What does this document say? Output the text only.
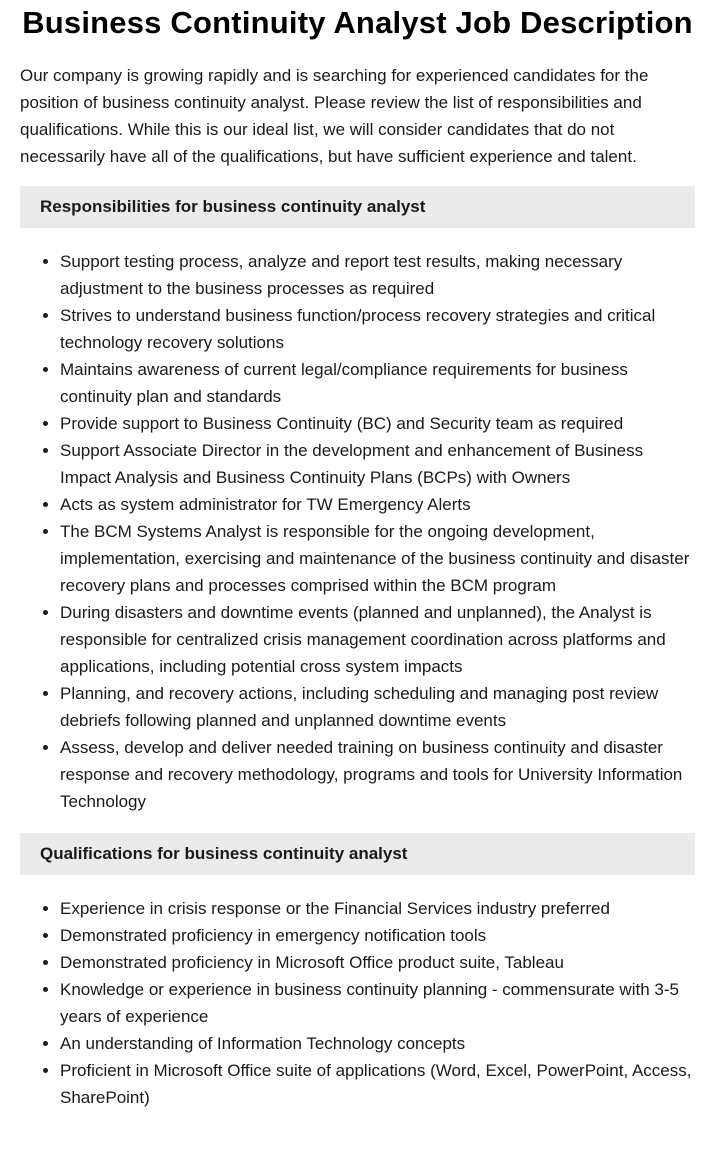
Business Continuity Analyst Job Description

Our company is growing rapidly and is searching for experienced candidates for the position of business continuity analyst. Please review the list of responsibilities and qualifications. While this is our ideal list, we will consider candidates that do not necessarily have all of the qualifications, but have sufficient experience and talent.

Responsibilities for business continuity analyst
• Support testing process, analyze and report test results, making necessary adjustment to the business processes as required
• Strives to understand business function/process recovery strategies and critical technology recovery solutions
• Maintains awareness of current legal/compliance requirements for business continuity plan and standards
• Provide support to Business Continuity (BC) and Security team as required
• Support Associate Director in the development and enhancement of Business Impact Analysis and Business Continuity Plans (BCPs) with Owners
• Acts as system administrator for TW Emergency Alerts
• The BCM Systems Analyst is responsible for the ongoing development, implementation, exercising and maintenance of the business continuity and disaster recovery plans and processes comprised within the BCM program
• During disasters and downtime events (planned and unplanned), the Analyst is responsible for centralized crisis management coordination across platforms and applications, including potential cross system impacts
• Planning, and recovery actions, including scheduling and managing post review debriefs following planned and unplanned downtime events
• Assess, develop and deliver needed training on business continuity and disaster response and recovery methodology, programs and tools for University Information Technology
Qualifications for business continuity analyst
• Experience in crisis response or the Financial Services industry preferred
• Demonstrated proficiency in emergency notification tools
• Demonstrated proficiency in Microsoft Office product suite, Tableau
• Knowledge or experience in business continuity planning - commensurate with 3-5 years of experience
• An understanding of Information Technology concepts
• Proficient in Microsoft Office suite of applications (Word, Excel, PowerPoint, Access, SharePoint)
